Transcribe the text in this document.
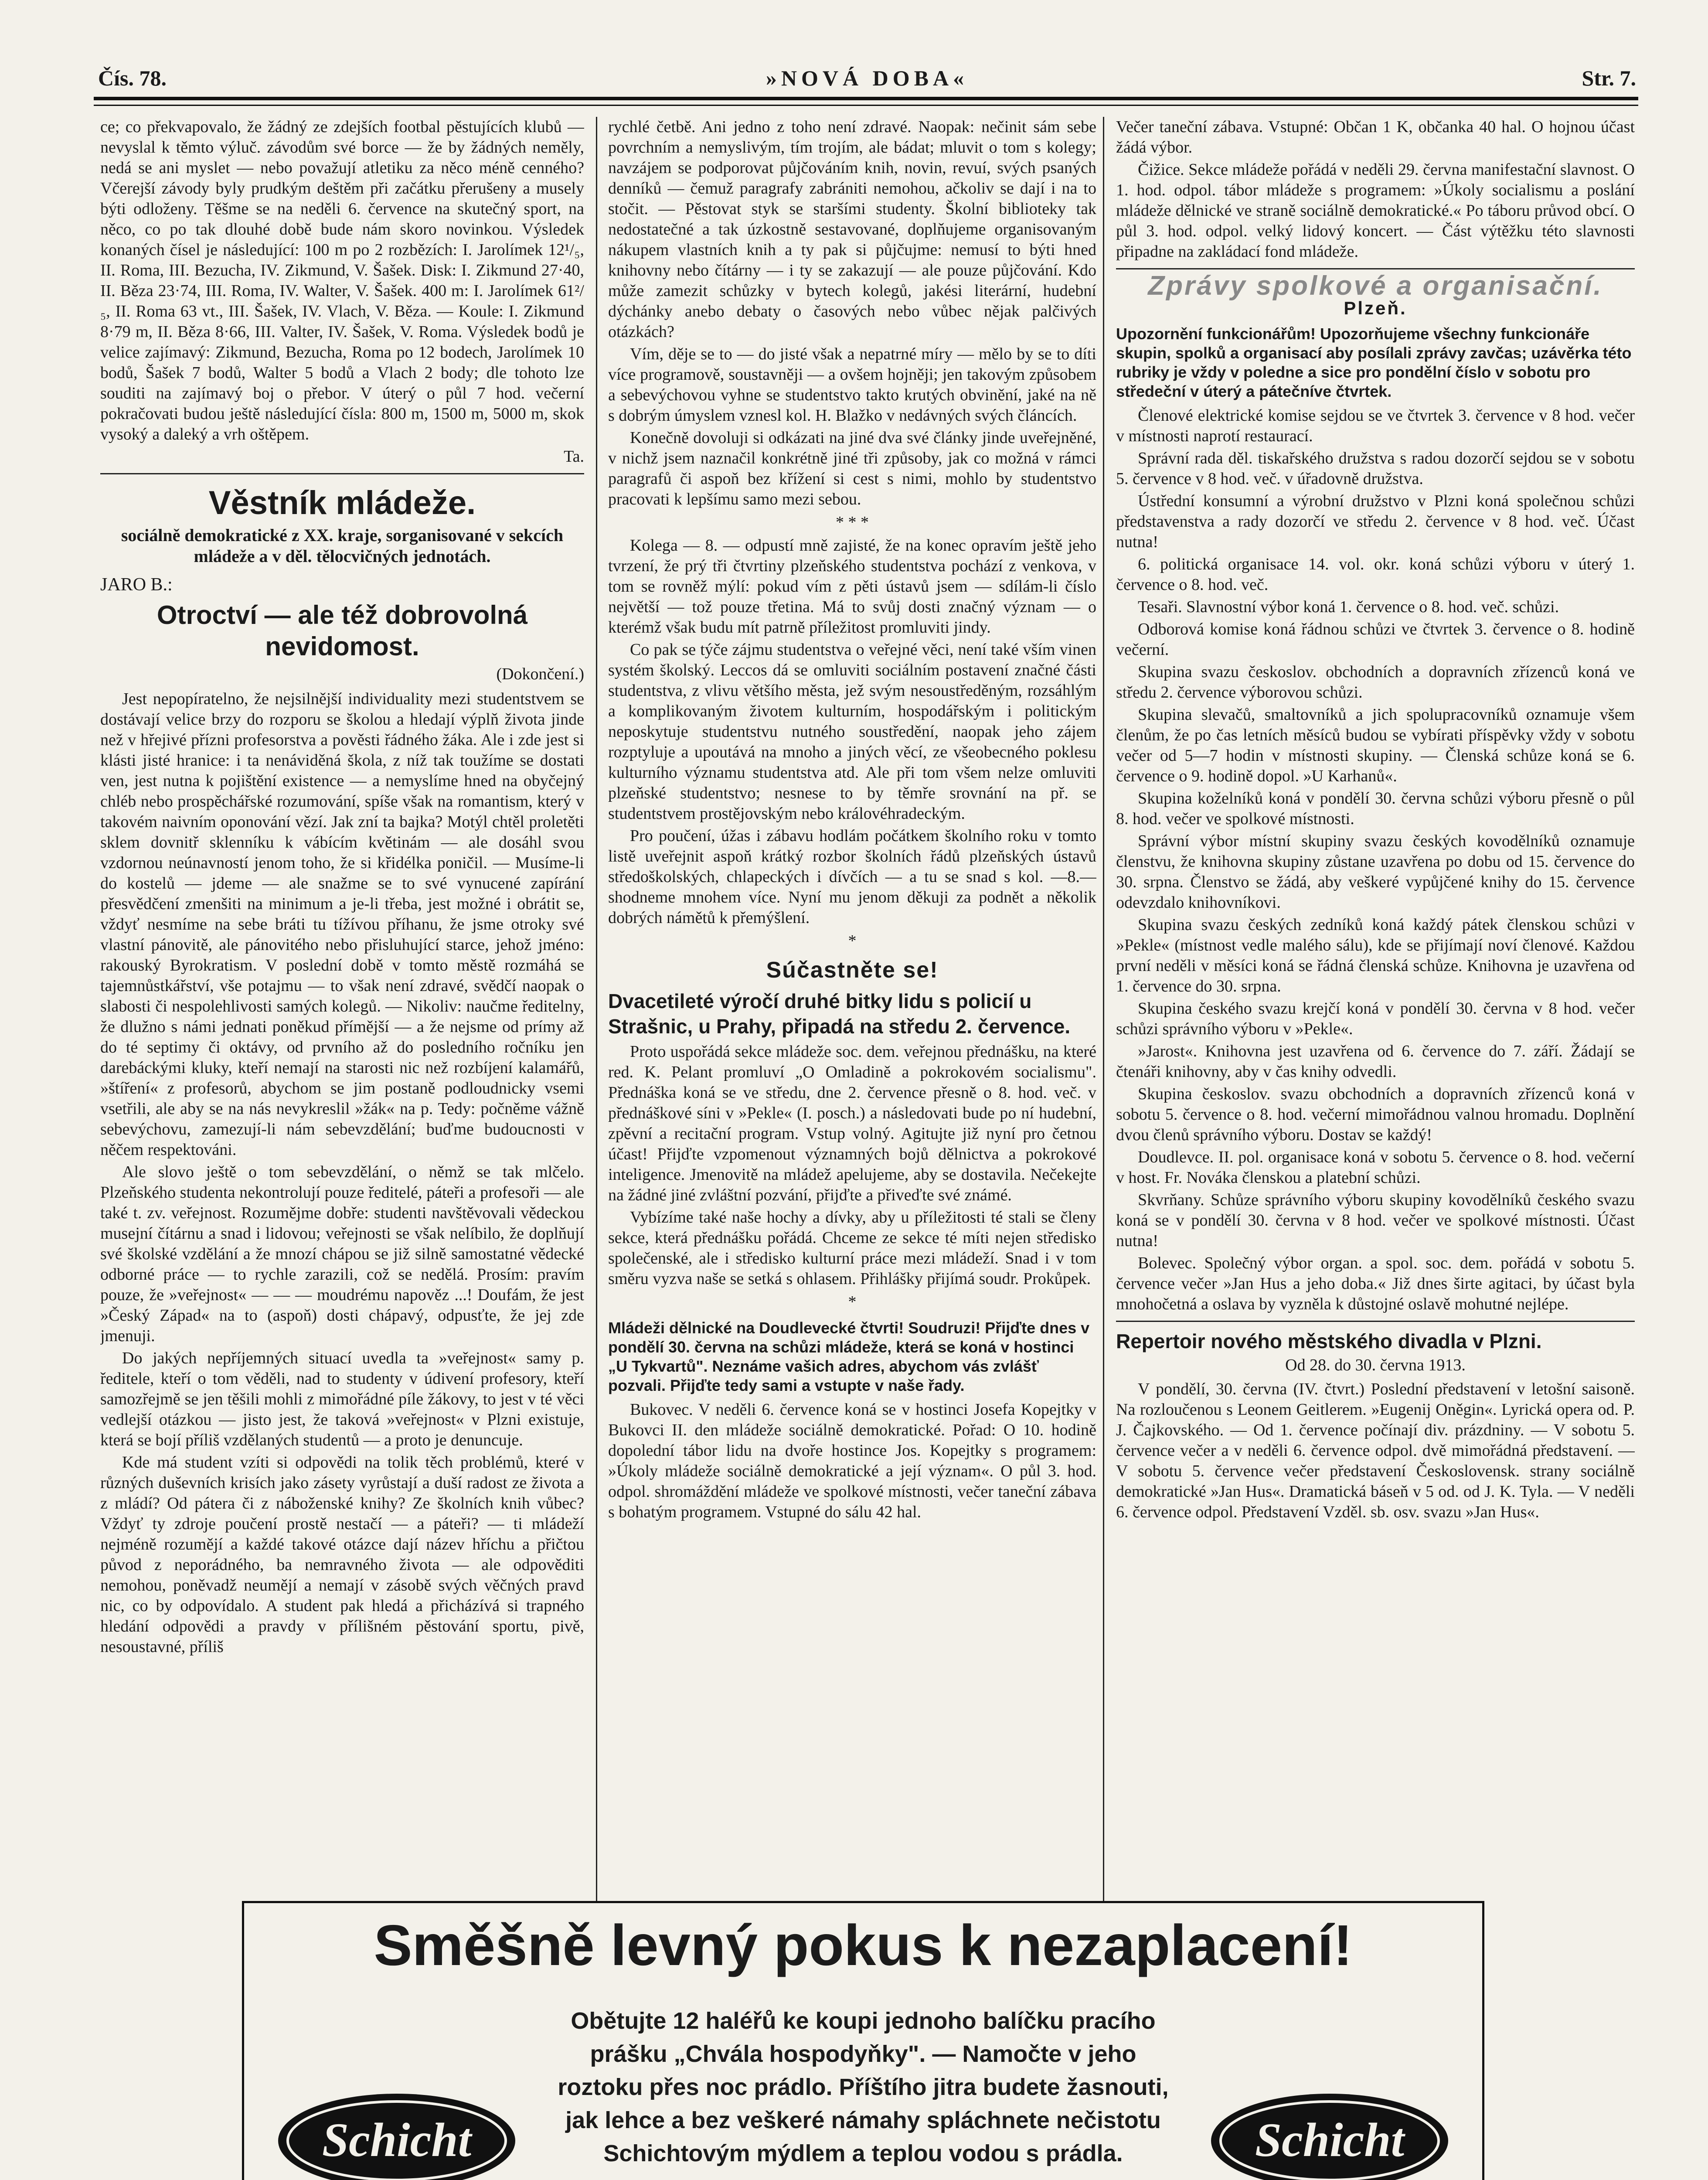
Čís. 78.	»NOVÁ DOBA«	Str. 7.

ce; co překvapovalo, že žádný ze zdejších footbal pěstujících klubů — nevyslal k těmto výluč. závodům své borce — že by žádných neměly, nedá se ani myslet — nebo považují atletiku za něco méně cenného? Včerejší závody byly prudkým deštěm při začátku přerušeny a musely býti odloženy. Těšme se na neděli 6. července na skutečný sport, na něco, co po tak dlouhé době bude nám skoro novinkou. Výsledek konaných čísel je následující: 100 m po 2 rozbězích: I. Jarolímek 12¹/₅, II. Roma, III. Bezucha, IV. Zikmund, V. Šašek. Disk: I. Zikmund 27·40, II. Běza 23·74, III. Roma, IV. Walter, V. Šašek. 400 m: I. Jarolímek 61²/₅, II. Roma 63 vt., III. Šašek, IV. Vlach, V. Běza. — Koule: I. Zikmund 8·79 m, II. Běza 8·66, III. Valter, IV. Šašek, V. Roma. Výsledek bodů je velice zajímavý: Zikmund, Bezucha, Roma po 12 bodech, Jarolímek 10 bodů, Šašek 7 bodů, Walter 5 bodů a Vlach 2 body; dle tohoto lze souditi na zajímavý boj o přebor. V úterý o půl 7 hod. večerní pokračovati budou ještě následující čísla: 800 m, 1500 m, 5000 m, skok vysoký a daleký a vrh oštěpem.

Ta.

Věstník mládeže.
sociálně demokratické z XX. kraje, sorganisované v sekcích mládeže a v děl. tělocvičných jednotách.
JARO B.:
Otroctví — ale též dobrovolná nevidomost.
(Dokončení.)

Jest nepopíratelno, že nejsilnější individuality mezi studentstvem se dostávají velice brzy do rozporu se školou a hledají výplň života jinde než v hřejivé přízni profesorstva a pověsti řádného žáka. Ale i zde jest si klásti jisté hranice: i ta nenáviděná škola, z níž tak toužíme se dostati ven, jest nutna k pojištění existence — a nemyslíme hned na obyčejný chléb nebo prospěchářské rozumování, spíše však na romantism, který v takovém naivním oponování vězí. Jak zní ta bajka? Motýl chtěl proletěti sklem dovnitř sklenníku k vábícím květinám — ale dosáhl svou vzdornou neúnavností jenom toho, že si křidélka poničil. — Musíme-li do kostelů — jdeme — ale snažme se to své vynucené zapírání přesvědčení zmenšiti na minimum a je-li třeba, jest možné i obrátit se, vždyť nesmíme na sebe bráti tu tížívou příhanu, že jsme otroky své vlastní pánovitě, ale pánovitého nebo přisluhující starce, jehož jméno: rakouský Byrokratism. V poslední době v tomto městě rozmáhá se tajemnůstkářství, vše potajmu — to však není zdravé, svědčí naopak o slabosti či nespolehlivosti samých kolegů. — Nikoliv: naučme ředitelny, že dlužno s námi jednati poněkud přímější — a že nejsme od prímy až do té septimy či oktávy, od prvního až do posledního ročníku jen darebáckými kluky, kteří nemají na starosti nic než rozbíjení kalamářů, »štíření« z profesorů, abychom se jim postaně podloudnicky vsemi vsetřili, ale aby se na nás nevykreslil »žák« na p. Tedy: počněme vážně sebevýchovu, zamezují-li nám sebevzdělání; buďme budoucnosti v něčem respektováni.

Ale slovo ještě o tom sebevzdělání, o němž se tak mlčelo. Plzeňského studenta nekontrolují pouze ředitelé, páteři a profesoři — ale také t. zv. veřejnost. Rozumějme dobře: studenti navštěvovali vědeckou musejní čítárnu a snad i lidovou; veřejnosti se však nelíbilo, že doplňují své školské vzdělání a že mnozí chápou se již silně samostatné vědecké odborné práce — to rychle zarazili, což se nedělá. Prosím: pravím pouze, že »veřejnost« — — — moudrému napověz ...! Doufám, že jest »Český Západ« na to (aspoň) dosti chápavý, odpusťte, že jej zde jmenuji.

Do jakých nepříjemných situací uvedla ta »veřejnost« samy p. ředitele, kteří o tom věděli, nad to studenty v údivení profesory, kteří samozřejmě se jen těšili mohli z mimořádné píle žákovy, to jest v té věci vedlejší otázkou — jisto jest, že taková »veřejnost« v Plzni existuje, která se bojí příliš vzdělaných studentů — a proto je denuncuje.

Kde má student vzíti si odpovědi na tolik těch problémů, které v různých duševních krisích jako zásety vyrůstají a duší radost ze života a z mládí? Od pátera či z náboženské knihy? Ze školních knih vůbec? Vždyť ty zdroje poučení prostě nestačí — a páteři? — ti mládeží nejméně rozumějí a každé takové otázce dají název hříchu a přičtou původ z neporádného, ba nemravného života — ale odpověditi nemohou, poněvadž neumějí a nemají v zásobě svých věčných pravd nic, co by odpovídalo. A student pak hledá a přicházívá si trapného hledání odpovědi a pravdy v přílišném pěstování sportu, pivě, nesoustavné, příliš

rychlé četbě. Ani jedno z toho není zdravé. Naopak: nečinit sám sebe povrchním a nemyslivým, tím trojím, ale bádat; mluvit o tom s kolegy; navzájem se podporovat půjčováním knih, novin, revuí, svých psaných denníků — čemuž paragrafy zabrániti nemohou, ačkoliv se dají i na to stočit. — Pěstovat styk se staršími studenty. Školní biblioteky tak nedostatečné a tak úzkostně sestavované, doplňujeme organisovaným nákupem vlastních knih a ty pak si půjčujme: nemusí to býti hned knihovny nebo čítárny — i ty se zakazují — ale pouze půjčování. Kdo může zamezit schůzky v bytech kolegů, jakési literární, hudební dýchánky anebo debaty o časových nebo vůbec nějak palčivých otázkách?

Vím, děje se to — do jisté však a nepatrné míry — mělo by se to díti více programově, soustavněji — a ovšem hojněji; jen takovým způsobem a sebevýchovou vyhne se studentstvo takto krutých obvinění, jaké na ně s dobrým úmyslem vznesl kol. H. Blažko v nedávných svých článcích.

Konečně dovoluji si odkázati na jiné dva své články jinde uveřejněné, v nichž jsem naznačil konkrétně jiné tři způsoby, jak co možná v rámci paragrafů či aspoň bez křížení si cest s nimi, mohlo by studentstvo pracovati k lepšímu samo mezi sebou.

* * *

Kolega — 8. — odpustí mně zajisté, že na konec opravím ještě jeho tvrzení, že prý tři čtvrtiny plzeňského studentstva pochází z venkova, v tom se rovněž mýlí: pokud vím z pěti ústavů jsem — sdílám-li číslo největší — tož pouze třetina. Má to svůj dosti značný význam — o kterémž však budu mít patrně příležitost promluviti jindy.

Co pak se týče zájmu studentstva o veřejné věci, není také vším vinen systém školský. Leccos dá se omluviti sociálním postavení značné části studentstva, z vlivu většího města, jež svým nesoustředěným, rozsáhlým a komplikovaným životem kulturním, hospodářským i politickým neposkytuje studentstvu nutného soustředění, naopak jeho zájem rozptyluje a upoutává na mnoho a jiných věcí, ze všeobecného poklesu kulturního významu studentstva atd. Ale při tom všem nelze omluviti plzeňské studentstvo; nesnese to by těmře srovnání na př. se studentstvem prostějovským nebo královéhradeckým.

Pro poučení, úžas i zábavu hodlám počátkem školního roku v tomto listě uveřejnit aspoň krátký rozbor školních řádů plzeňských ústavů středoškolských, chlapeckých i dívčích — a tu se snad s kol. —8.— shodneme mnohem více. Nyní mu jenom děkuji za podnět a několik dobrých námětů k přemýšlení.

*
Súčastněte se!
Dvacetileté výročí druhé bitky lidu s policií u Strašnic, u Prahy, připadá na středu 2. července.

Proto uspořádá sekce mládeže soc. dem. veřejnou přednášku, na které red. K. Pelant promluví „O Omladině a pokrokovém socialismu". Přednáška koná se ve středu, dne 2. července přesně o 8. hod. več. v přednáškové síni v »Pekle« (I. posch.) a následovati bude po ní hudební, zpěvní a recitační program. Vstup volný. Agitujte již nyní pro četnou účast! Přijďte vzpomenout významných bojů dělnictva a pokrokové inteligence. Jmenovitě na mládež apelujeme, aby se dostavila. Nečekejte na žádné jiné zvláštní pozvání, přijďte a přiveďte své známé.

Vybízíme také naše hochy a dívky, aby u příležitosti té stali se členy sekce, která přednášku pořádá. Chceme ze sekce té míti nejen středisko společenské, ale i středisko kulturní práce mezi mládeží. Snad i v tom směru vyzva naše se setká s ohlasem. Přihlášky přijímá soudr. Prokůpek.

*
Mládeži dělnické na Doudlevecké čtvrti! Soudruzi! Přijďte dnes v pondělí 30. června na schůzi mládeže, která se koná v hostinci „U Tykvartů". Neznáme vašich adres, abychom vás zvlášť pozvali. Přijďte tedy sami a vstupte v naše řady.

Bukovec. V neděli 6. července koná se v hostinci Josefa Kopejtky v Bukovci II. den mládeže sociálně demokratické. Pořad: O 10. hodině dopolední tábor lidu na dvoře hostince Jos. Kopejtky s programem: »Úkoly mládeže sociálně demokratické a její význam«. O půl 3. hod. odpol. shromáždění mládeže ve spolkové místnosti, večer taneční zábava s bohatým programem. Vstupné do sálu 42 hal.

Večer taneční zábava. Vstupné: Občan 1 K, občanka 40 hal. O hojnou účast žádá výbor.

Čižice. Sekce mládeže pořádá v neděli 29. června manifestační slavnost. O 1. hod. odpol. tábor mládeže s programem: »Úkoly socialismu a poslání mládeže dělnické ve straně sociálně demokratické.« Po táboru průvod obcí. O půl 3. hod. odpol. velký lidový koncert. — Část výtěžku této slavnosti připadne na zakládací fond mládeže.

Zprávy spolkové a organisační.
Plzeň.
Upozornění funkcionářům! Upozorňujeme všechny funkcionáře skupin, spolků a organisací aby posílali zprávy zavčas; uzávěrka této rubriky je vždy v poledne a sice pro pondělní číslo v sobotu pro středeční v úterý a pátečníve čtvrtek.

Členové elektrické komise sejdou se ve čtvrtek 3. července v 8 hod. večer v místnosti naprotí restaurací.

Správní rada děl. tiskařského družstva s radou dozorčí sejdou se v sobotu 5. července v 8 hod. več. v úřadovně družstva.

Ústřední konsumní a výrobní družstvo v Plzni koná společnou schůzi představenstva a rady dozorčí ve středu 2. července v 8 hod. več. Účast nutna!

6. politická organisace 14. vol. okr. koná schůzi výboru v úterý 1. července o 8. hod. več.

Tesaři. Slavnostní výbor koná 1. července o 8. hod. več. schůzi.

Odborová komise koná řádnou schůzi ve čtvrtek 3. července o 8. hodině večerní.

Skupina svazu českoslov. obchodních a dopravních zřízenců koná ve středu 2. července výborovou schůzi.

Skupina slevačů, smaltovníků a jich spolupracovníků oznamuje všem členům, že po čas letních měsíců budou se vybírati příspěvky vždy v sobotu večer od 5—7 hodin v místnosti skupiny. — Členská schůze koná se 6. července o 9. hodině dopol. »U Karhanů«.

Skupina koželníků koná v pondělí 30. června schůzi výboru přesně o půl 8. hod. večer ve spolkové místnosti.

Správní výbor místní skupiny svazu českých kovodělníků oznamuje členstvu, že knihovna skupiny zůstane uzavřena po dobu od 15. července do 30. srpna. Členstvo se žádá, aby veškeré vypůjčené knihy do 15. července odevzdalo knihovníkovi.

Skupina svazu českých zedníků koná každý pátek členskou schůzi v »Pekle« (místnost vedle malého sálu), kde se přijímají noví členové. Každou první neděli v měsíci koná se řádná členská schůze. Knihovna je uzavřena od 1. července do 30. srpna.

Skupina českého svazu krejčí koná v pondělí 30. června v 8 hod. večer schůzi správního výboru v »Pekle«.

»Jarost«. Knihovna jest uzavřena od 6. července do 7. září. Žádají se čtenáři knihovny, aby v čas knihy odvedli.

Skupina českoslov. svazu obchodních a dopravních zřízenců koná v sobotu 5. července o 8. hod. večerní mimořádnou valnou hromadu. Doplnění dvou členů správního výboru. Dostav se každý!

Doudlevce. II. pol. organisace koná v sobotu 5. července o 8. hod. večerní v host. Fr. Nováka členskou a platební schůzi.

Skvrňany. Schůze správního výboru skupiny kovodělníků českého svazu koná se v pondělí 30. června v 8 hod. večer ve spolkové místnosti. Účast nutna!

Bolevec. Společný výbor organ. a spol. soc. dem. pořádá v sobotu 5. července večer »Jan Hus a jeho doba.« Již dnes širte agitaci, by účast byla mnohočetná a oslava by vyzněla k důstojné oslavě mohutné nejlépe.

Repertoir nového městského divadla v Plzni.
Od 28. do 30. června 1913.

V pondělí, 30. června (IV. čtvrt.) Poslední představení v letošní saisoně. Na rozloučenou s Leonem Geitlerem. »Eugenij Oněgin«. Lyrická opera od. P. J. Čajkovského. — Od 1. července počínají div. prázdniny. — V sobotu 5. července večer a v neděli 6. července odpol. dvě mimořádná představení. — V sobotu 5. července večer představení Československ. strany sociálně demokratické »Jan Hus«. Dramatická báseň v 5 od. od J. K. Tyla. — V neděli 6. července odpol. Představení Vzděl. sb. osv. svazu »Jan Hus«.

Směšně levný pokus k nezaplacení!
Obětujte 12 haléřů ke koupi jednoho balíčku pracího prášku „Chvála hospodyňky". — Namočte v jeho roztoku přes noc prádlo. Příštího jitra budete žasnouti, jak lehce a bez veškeré námahy spláchnete nečistotu Schichtovým mýdlem a teplou vodou s prádla.
Schicht	Schicht
